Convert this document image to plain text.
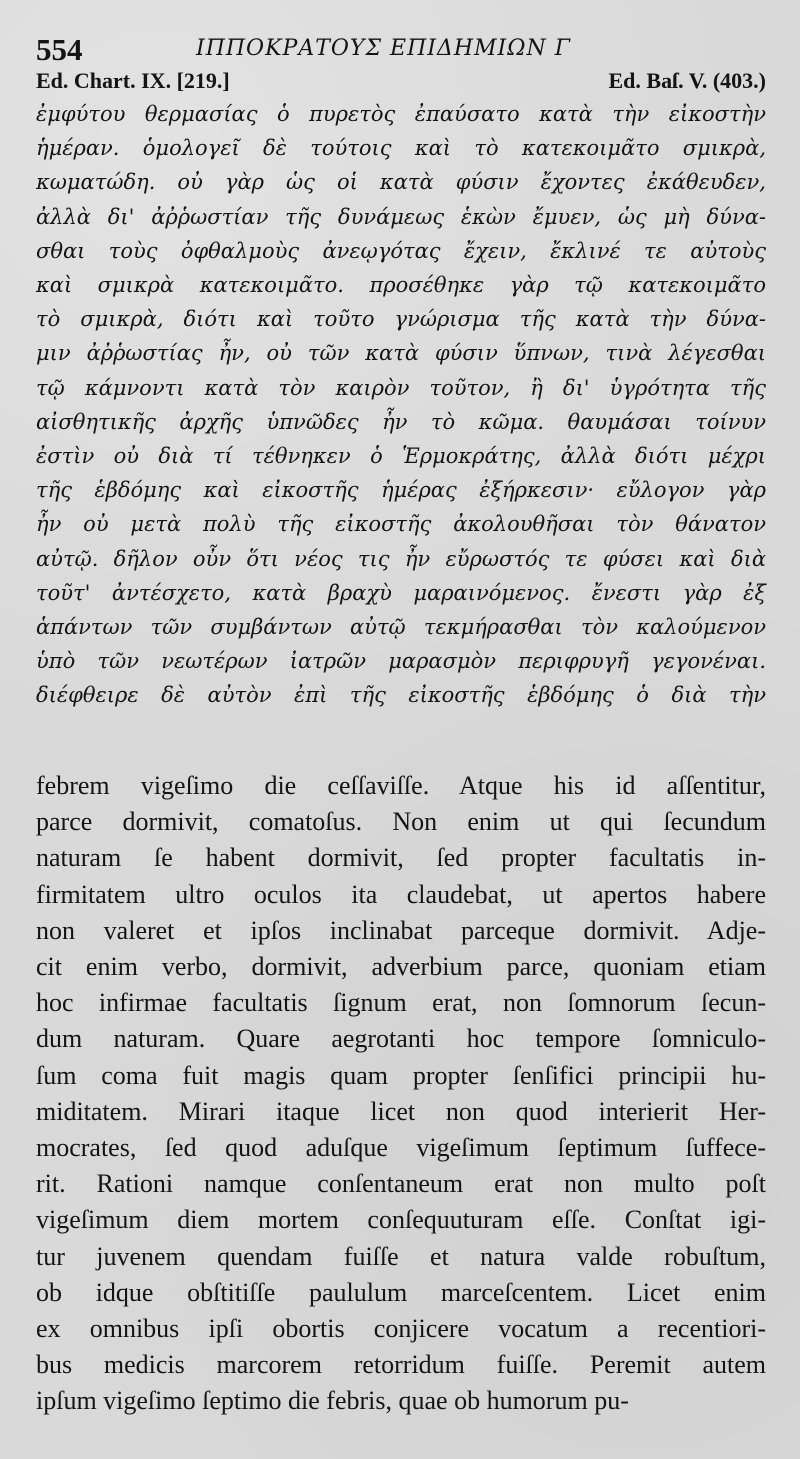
554	ΙΠΠΟΚΡΑΤΟΥΣ ΕΠΙΔΗΜΙΩΝ Γ
Ed. Chart. IX. [219.]	Ed. Baſ. V. (403.)
ἐμφύτου θερμασίας ὁ πυρετὸς ἐπαύσατο κατὰ τὴν εἰκοστὴν
ἡμέραν. ὁμολογεῖ δὲ τούτοις καὶ τὸ κατεκοιμᾶτο σμικρὰ,
κωματώδη. οὐ γὰρ ὡς οἱ κατὰ φύσιν ἔχοντες ἐκάθευδεν,
ἀλλὰ δι' ἀῤῥωστίαν τῆς δυνάμεως ἑκὼν ἔμυεν, ὡς μὴ δύνα-
σθαι τοὺς ὀφθαλμοὺς ἀνεῳγότας ἔχειν, ἔκλινέ τε αὐτοὺς
καὶ σμικρὰ κατεκοιμᾶτο. προσέθηκε γὰρ τῷ κατεκοιμᾶτο
τὸ σμικρὰ, διότι καὶ τοῦτο γνώρισμα τῆς κατὰ τὴν δύνα-
μιν ἀῤῥωστίας ἦν, οὐ τῶν κατὰ φύσιν ὕπνων, τινὰ λέγεσθαι
τῷ κάμνοντι κατὰ τὸν καιρὸν τοῦτον, ἢ δι' ὑγρότητα τῆς
αἰσθητικῆς ἀρχῆς ὑπνῶδες ἦν τὸ κῶμα. θαυμάσαι τοίνυν
ἐστὶν οὐ διὰ τί τέθνηκεν ὁ Ἑρμοκράτης, ἀλλὰ διότι μέχρι
τῆς ἑβδόμης καὶ εἰκοστῆς ἡμέρας ἐξήρκεσιν· εὔλογον γὰρ
ἦν οὐ μετὰ πολὺ τῆς εἰκοστῆς ἀκολουθῆσαι τὸν θάνατον
αὐτῷ. δῆλον οὖν ὅτι νέος τις ἦν εὔρωστός τε φύσει καὶ διὰ
τοῦτ' ἀντέσχετο, κατὰ βραχὺ μαραινόμενος. ἔνεστι γὰρ ἐξ
ἁπάντων τῶν συμβάντων αὐτῷ τεκμήρασθαι τὸν καλούμενον
ὑπὸ τῶν νεωτέρων ἰατρῶν μαρασμὸν περιφρυγῆ γεγονέναι.
διέφθειρε δὲ αὐτὸν ἐπὶ τῆς εἰκοστῆς ἑβδόμης ὁ διὰ τὴν
febrem vigeſimo die ceſſaviſſe. Atque his id aſſentitur,
parce dormivit, comatoſus. Non enim ut qui ſecundum
naturam ſe habent dormivit, ſed propter facultatis in-
firmitatem ultro oculos ita claudebat, ut apertos habere
non valeret et ipſos inclinabat parceque dormivit. Adje-
cit enim verbo, dormivit, adverbium parce, quoniam etiam
hoc infirmae facultatis ſignum erat, non ſomnorum ſecun-
dum naturam. Quare aegrotanti hoc tempore ſomniculo-
ſum coma fuit magis quam propter ſenſifici principii hu-
miditatem. Mirari itaque licet non quod interierit Her-
mocrates, ſed quod aduſque vigeſimum ſeptimum ſuffece-
rit. Rationi namque conſentaneum erat non multo poſt
vigeſimum diem mortem conſequuturam eſſe. Conſtat igi-
tur juvenem quendam fuiſſe et natura valde robuſtum,
ob idque obſtitiſſe paululum marceſcentem. Licet enim
ex omnibus ipſi obortis conjicere vocatum a recentiori-
bus medicis marcorem retorridum fuiſſe. Peremit autem
ipſum vigeſimo ſeptimo die febris, quae ob humorum pu-
